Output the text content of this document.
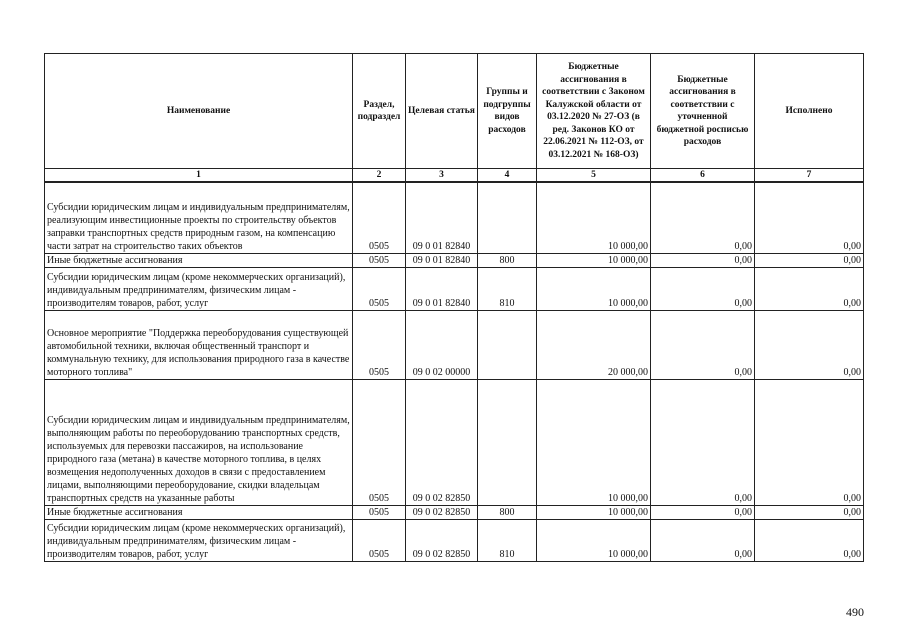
Наименование	Раздел, подраздел	Целевая статья	Группы и подгруппы видов расходов	Бюджетные ассигнования в соответствии с Законом Калужской области от 03.12.2020 № 27-ОЗ (в ред. Законов КО от 22.06.2021 № 112-ОЗ, от 03.12.2021 № 168-ОЗ)	Бюджетные ассигнования в соответствии с уточненной бюджетной росписью расходов	Исполнено
1	2	3	4	5	6	7
Субсидии юридическим лицам и индивидуальным предпринимателям, реализующим инвестиционные проекты по строительству объектов заправки транспортных средств природным газом, на компенсацию части затрат на строительство таких объектов	0505	09 0 01 82840		10 000,00	0,00	0,00
Иные бюджетные ассигнования	0505	09 0 01 82840	800	10 000,00	0,00	0,00
Субсидии юридическим лицам (кроме некоммерческих организаций), индивидуальным предпринимателям, физическим лицам - производителям товаров, работ, услуг	0505	09 0 01 82840	810	10 000,00	0,00	0,00
Основное мероприятие "Поддержка переоборудования существующей автомобильной техники, включая общественный транспорт и коммунальную технику, для использования природного газа в качестве моторного топлива"	0505	09 0 02 00000		20 000,00	0,00	0,00
Субсидии юридическим лицам и индивидуальным предпринимателям, выполняющим работы по переоборудованию транспортных средств, используемых для перевозки пассажиров, на использование природного газа (метана) в качестве моторного топлива, в целях возмещения недополученных доходов в связи с предоставлением лицами, выполняющими переоборудование, скидки владельцам транспортных средств на указанные работы	0505	09 0 02 82850		10 000,00	0,00	0,00
Иные бюджетные ассигнования	0505	09 0 02 82850	800	10 000,00	0,00	0,00
Субсидии юридическим лицам (кроме некоммерческих организаций), индивидуальным предпринимателям, физическим лицам - производителям товаров, работ, услуг	0505	09 0 02 82850	810	10 000,00	0,00	0,00
490
